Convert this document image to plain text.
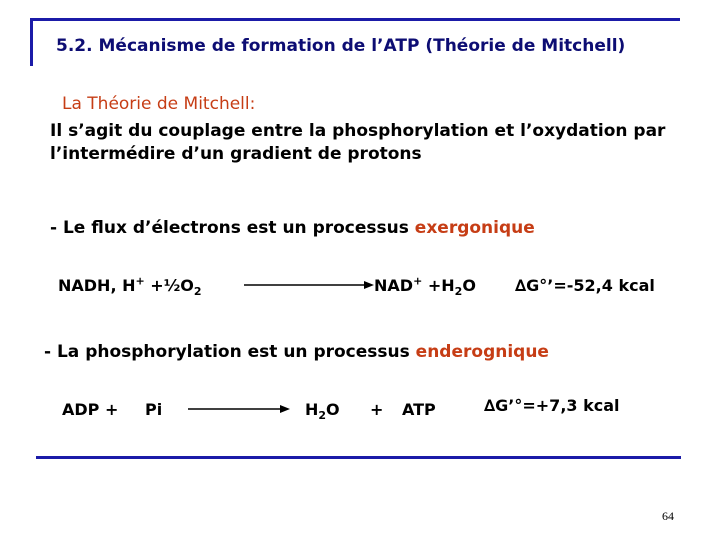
5.2. Mécanisme de formation de l’ATP (Théorie de Mitchell)
La Théorie de Mitchell:
Il s’agit du couplage entre la phosphorylation et l’oxydation par
l’intermédire d’un gradient de protons
- Le flux d’électrons est un processus exergonique
NADH, $H^+ +\frac{1}{2}O_2$	$NAD^+ +H_2O$ ∆G°’=-52,4 kcal
- La phosphorylation est un processus enderognique
ADP + Pi	$H_2O$ + ATP	∆G’°=+7,3 kcal
64
